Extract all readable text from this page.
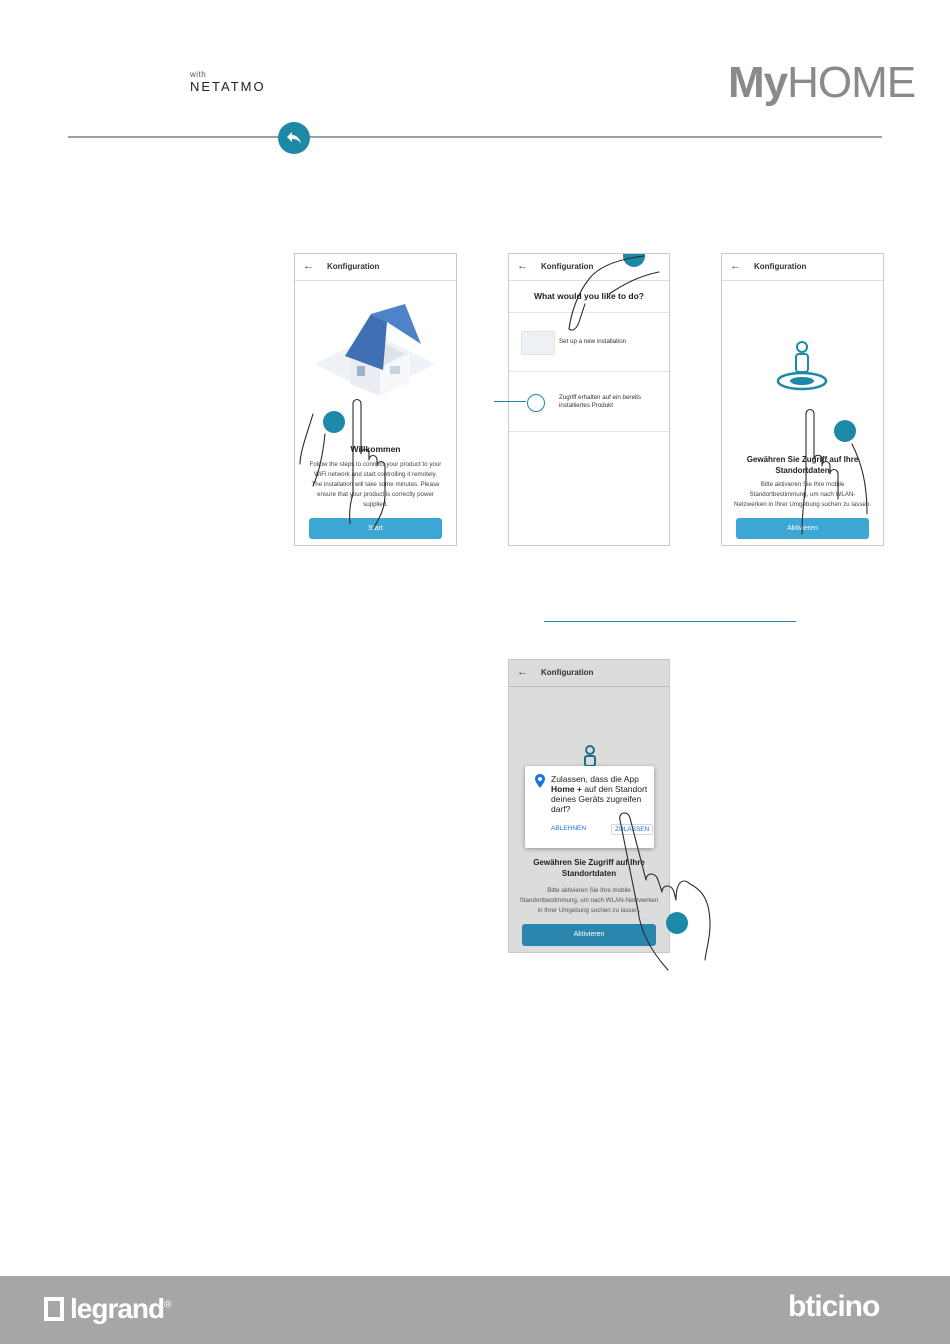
with
NETATMO	MyHOME
← Konfiguration
Willkommen
Follow the steps to connect your product to your WiFi network and start controlling it remotely. The installation will take some minutes. Please ensure that your product is correctly power supplied.
Start
← Konfiguration
What would you like to do?
Set up a new installation
Zugriff erhalten auf ein bereits installiertes Produkt
← Konfiguration
Gewähren Sie Zugriff auf Ihre Standortdaten
Bitte aktivieren Sie Ihre mobile Standortbestimmung, um nach WLAN-Netzwerken in Ihrer Umgebung suchen zu lassen.
Aktivieren
← Konfiguration
Zulassen, dass die App Home + auf den Standort deines Geräts zugreifen darf?
ABLEHNEN	ZULASSEN
Gewähren Sie Zugriff auf Ihre Standortdaten
Bitte aktivieren Sie Ihre mobile Standortbestimmung, um nach WLAN-Netzwerken in Ihrer Umgebung suchen zu lassen.
Aktivieren
legrand®	bticino
